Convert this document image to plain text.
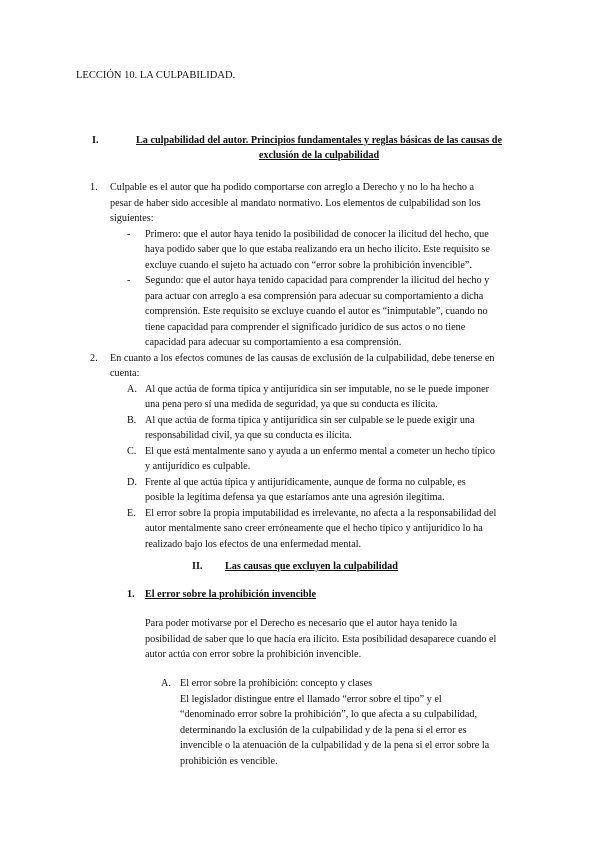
LECCIÓN 10. LA CULPABILIDAD.
I.	La culpabilidad del autor. Principios fundamentales y reglas básicas de las causas de
exclusión de la culpabilidad
1. Culpable es el autor que ha podido comportarse con arreglo a Derecho y no lo ha hecho a
pesar de haber sido accesible al mandato normativo. Los elementos de culpabilidad son los
siguientes:
- Primero: que el autor haya tenido la posibilidad de conocer la ilicitud del hecho, que
haya podido saber que lo que estaba realizando era un hecho ilícito. Este requisito se
excluye cuando el sujeto ha actuado con “error sobre la prohibición invencible”.
- Segundo: que el autor haya tenido capacidad para comprender la ilicitud del hecho y
para actuar con arreglo a esa comprensión para adecuar su comportamiento a dicha
comprensión. Este requisito se excluye cuando el autor es “inimputable”, cuando no
tiene capacidad para comprender el significado jurídico de sus actos o no tiene
capacidad para adecuar su comportamiento a esa comprensión.
2. En cuanto a los efectos comunes de las causas de exclusión de la culpabilidad, debe tenerse en
cuenta:
A. Al que actúa de forma típica y antijurídica sin ser imputable, no se le puede imponer
una pena pero sí una medida de seguridad, ya que su conducta es ilícita.
B. Al que actúa de forma típica y antijurídica sin ser culpable se le puede exigir una
responsabilidad civil, ya que su conducta es ilícita.
C. El que está mentalmente sano y ayuda a un enfermo mental a cometer un hecho típico
y antijurídico es culpable.
D. Frente al que actúa típica y antijurídicamente, aunque de forma no culpable, es
posible la legítima defensa ya que estaríamos ante una agresión ilegítima.
E. El error sobre la propia imputabilidad es irrelevante, no afecta a la responsabilidad del
autor mentalmente sano creer erróneamente que el hecho típico y antijurídico lo ha
realizado bajo los efectos de una enfermedad mental.
II. Las causas que excluyen la culpabilidad
1. El error sobre la prohibición invencible
Para poder motivarse por el Derecho es necesario que el autor haya tenido la
posibilidad de saber que lo que hacía era ilícito. Esta posibilidad desaparece cuando el
autor actúa con error sobre la prohibición invencible.
A. El error sobre la prohibición: concepto y clases
El legislador distingue entre el llamado “error sobre el tipo” y el
“denominado error sobre la prohibición”, lo que afecta a su culpabilidad,
determinando la exclusión de la culpabilidad y de la pena si el error es
invencible o la atenuación de la culpabilidad y de la pena si el error sobre la
prohibición es vencible.
